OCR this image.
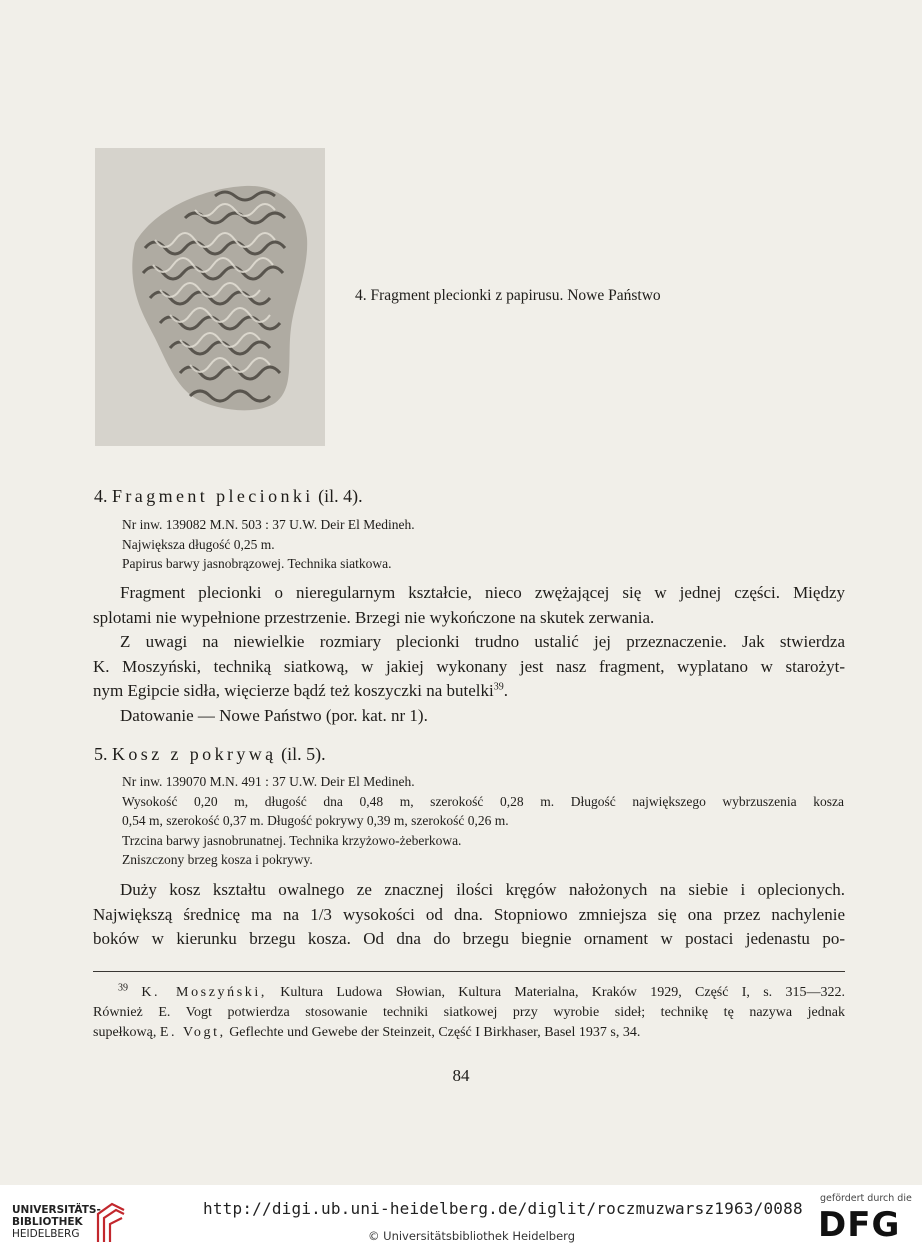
4. Fragment plecionki z papirusu. Nowe Państwo
4. Fragment plecionki (il. 4).
Nr inw. 139082 M.N. 503 : 37 U.W. Deir El Medineh.
Największa długość 0,25 m.
Papirus barwy jasnobrązowej. Technika siatkowa.
Fragment plecionki o nieregularnym kształcie, nieco zwężającej się w jednej części. Między
splotami nie wypełnione przestrzenie. Brzegi nie wykończone na skutek zerwania.
Z uwagi na niewielkie rozmiary plecionki trudno ustalić jej przeznaczenie. Jak stwierdza
K. Moszyński, techniką siatkową, w jakiej wykonany jest nasz fragment, wyplatano w starożyt-
nym Egipcie sidła, więcierze bądź też koszyczki na butelki$^{39}$.
Datowanie — Nowe Państwo (por. kat. nr 1).
5. Kosz z pokrywą (il. 5).
Nr inw. 139070 M.N. 491 : 37 U.W. Deir El Medineh.
Wysokość 0,20 m, długość dna 0,48 m, szerokość 0,28 m. Długość największego wybrzuszenia kosza
0,54 m, szerokość 0,37 m. Długość pokrywy 0,39 m, szerokość 0,26 m.
Trzcina barwy jasnobrunatnej. Technika krzyżowo-żeberkowa.
Zniszczony brzeg kosza i pokrywy.
Duży kosz kształtu owalnego ze znacznej ilości kręgów nałożonych na siebie i oplecionych.
Największą średnicę ma na 1/3 wysokości od dna. Stopniowo zmniejsza się ona przez nachylenie
boków w kierunku brzegu kosza. Od dna do brzegu biegnie ornament w postaci jedenastu po-
$^{39}$ K. Moszyński, Kultura Ludowa Słowian, Kultura Materialna, Kraków 1929, Część I, s. 315—322.
Również E. Vogt potwierdza stosowanie techniki siatkowej przy wyrobie sideł; technikę tę nazywa jednak
supełkową, E. Vogt, Geflechte und Gewebe der Steinzeit, Część I Birkhaser, Basel 1937 s, 34.
84
UNIVERSITÄTS-
BIBLIOTHEK
HEIDELBERG
http://digi.ub.uni-heidelberg.de/diglit/roczmuzwarsz1963/0088
© Universitätsbibliothek Heidelberg
gefördert durch die
DFG
